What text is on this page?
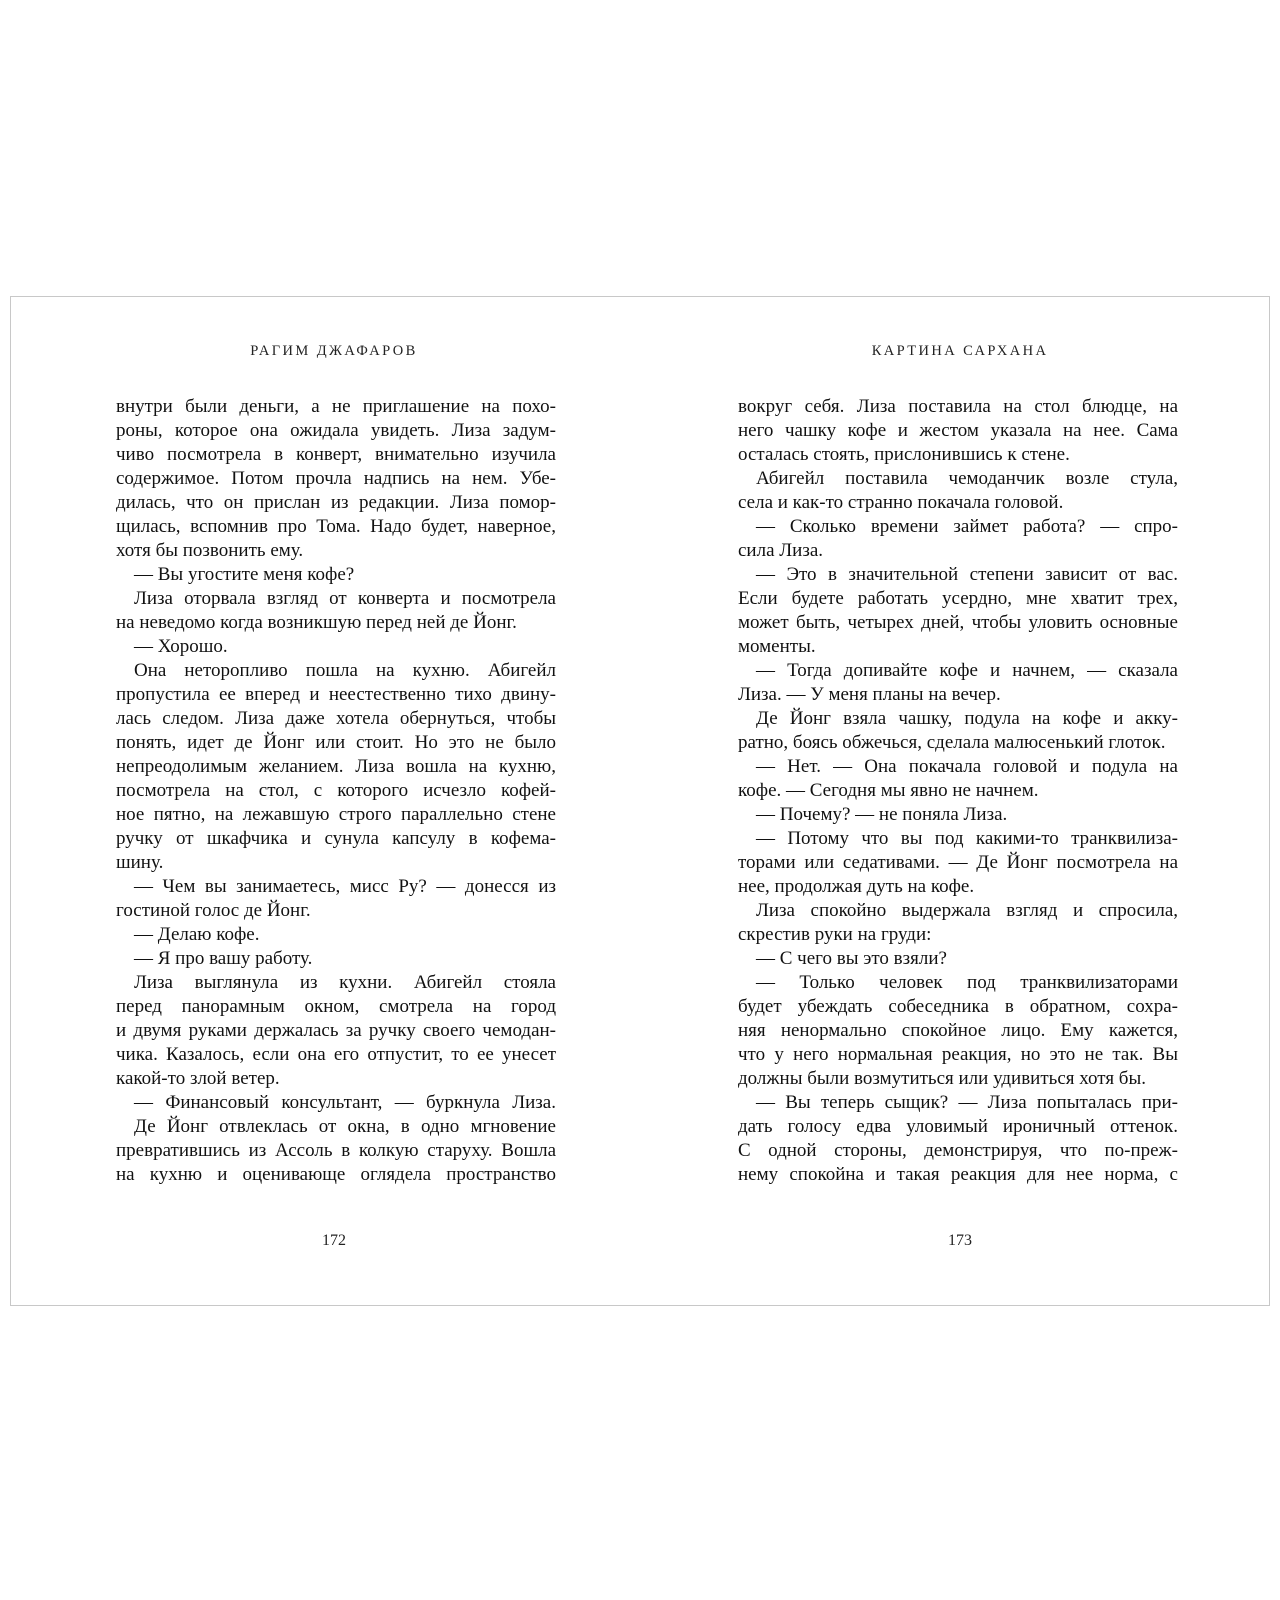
РАГИМ ДЖАФАРОВ
внутри были деньги, а не приглашение на похо-
роны, которое она ожидала увидеть. Лиза задум-
чиво посмотрела в конверт, внимательно изучила
содержимое. Потом прочла надпись на нем. Убе-
дилась, что он прислан из редакции. Лиза помор-
щилась, вспомнив про Тома. Надо будет, наверное,
хотя бы позвонить ему.
— Вы угостите меня кофе?
Лиза оторвала взгляд от конверта и посмотрела
на неведомо когда возникшую перед ней де Йонг.
— Хорошо.
Она неторопливо пошла на кухню. Абигейл
пропустила ее вперед и неестественно тихо двину-
лась следом. Лиза даже хотела обернуться, чтобы
понять, идет де Йонг или стоит. Но это не было
непреодолимым желанием. Лиза вошла на кухню,
посмотрела на стол, с которого исчезло кофей-
ное пятно, на лежавшую строго параллельно стене
ручку от шкафчика и сунула капсулу в кофема-
шину.
— Чем вы занимаетесь, мисс Ру? — донесся из
гостиной голос де Йонг.
— Делаю кофе.
— Я про вашу работу.
Лиза выглянула из кухни. Абигейл стояла
перед панорамным окном, смотрела на город
и двумя руками держалась за ручку своего чемодан-
чика. Казалось, если она его отпустит, то ее унесет
какой-то злой ветер.
— Финансовый консультант, — буркнула Лиза.
Де Йонг отвлеклась от окна, в одно мгновение
превратившись из Ассоль в колкую старуху. Вошла
на кухню и оценивающе оглядела пространство
172
КАРТИНА САРХАНА
вокруг себя. Лиза поставила на стол блюдце, на
него чашку кофе и жестом указала на нее. Сама
осталась стоять, прислонившись к стене.
Абигейл поставила чемоданчик возле стула,
села и как-то странно покачала головой.
— Сколько времени займет работа? — спро-
сила Лиза.
— Это в значительной степени зависит от вас.
Если будете работать усердно, мне хватит трех,
может быть, четырех дней, чтобы уловить основные
моменты.
— Тогда допивайте кофе и начнем, — сказала
Лиза. — У меня планы на вечер.
Де Йонг взяла чашку, подула на кофе и акку-
ратно, боясь обжечься, сделала малюсенький глоток.
— Нет. — Она покачала головой и подула на
кофе. — Сегодня мы явно не начнем.
— Почему? — не поняла Лиза.
— Потому что вы под какими-то транквилиза-
торами или седативами. — Де Йонг посмотрела на
нее, продолжая дуть на кофе.
Лиза спокойно выдержала взгляд и спросила,
скрестив руки на груди:
— С чего вы это взяли?
— Только человек под транквилизаторами
будет убеждать собеседника в обратном, сохра-
няя ненормально спокойное лицо. Ему кажется,
что у него нормальная реакция, но это не так. Вы
должны были возмутиться или удивиться хотя бы.
— Вы теперь сыщик? — Лиза попыталась при-
дать голосу едва уловимый ироничный оттенок.
С одной стороны, демонстрируя, что по-преж-
нему спокойна и такая реакция для нее норма, с
173
